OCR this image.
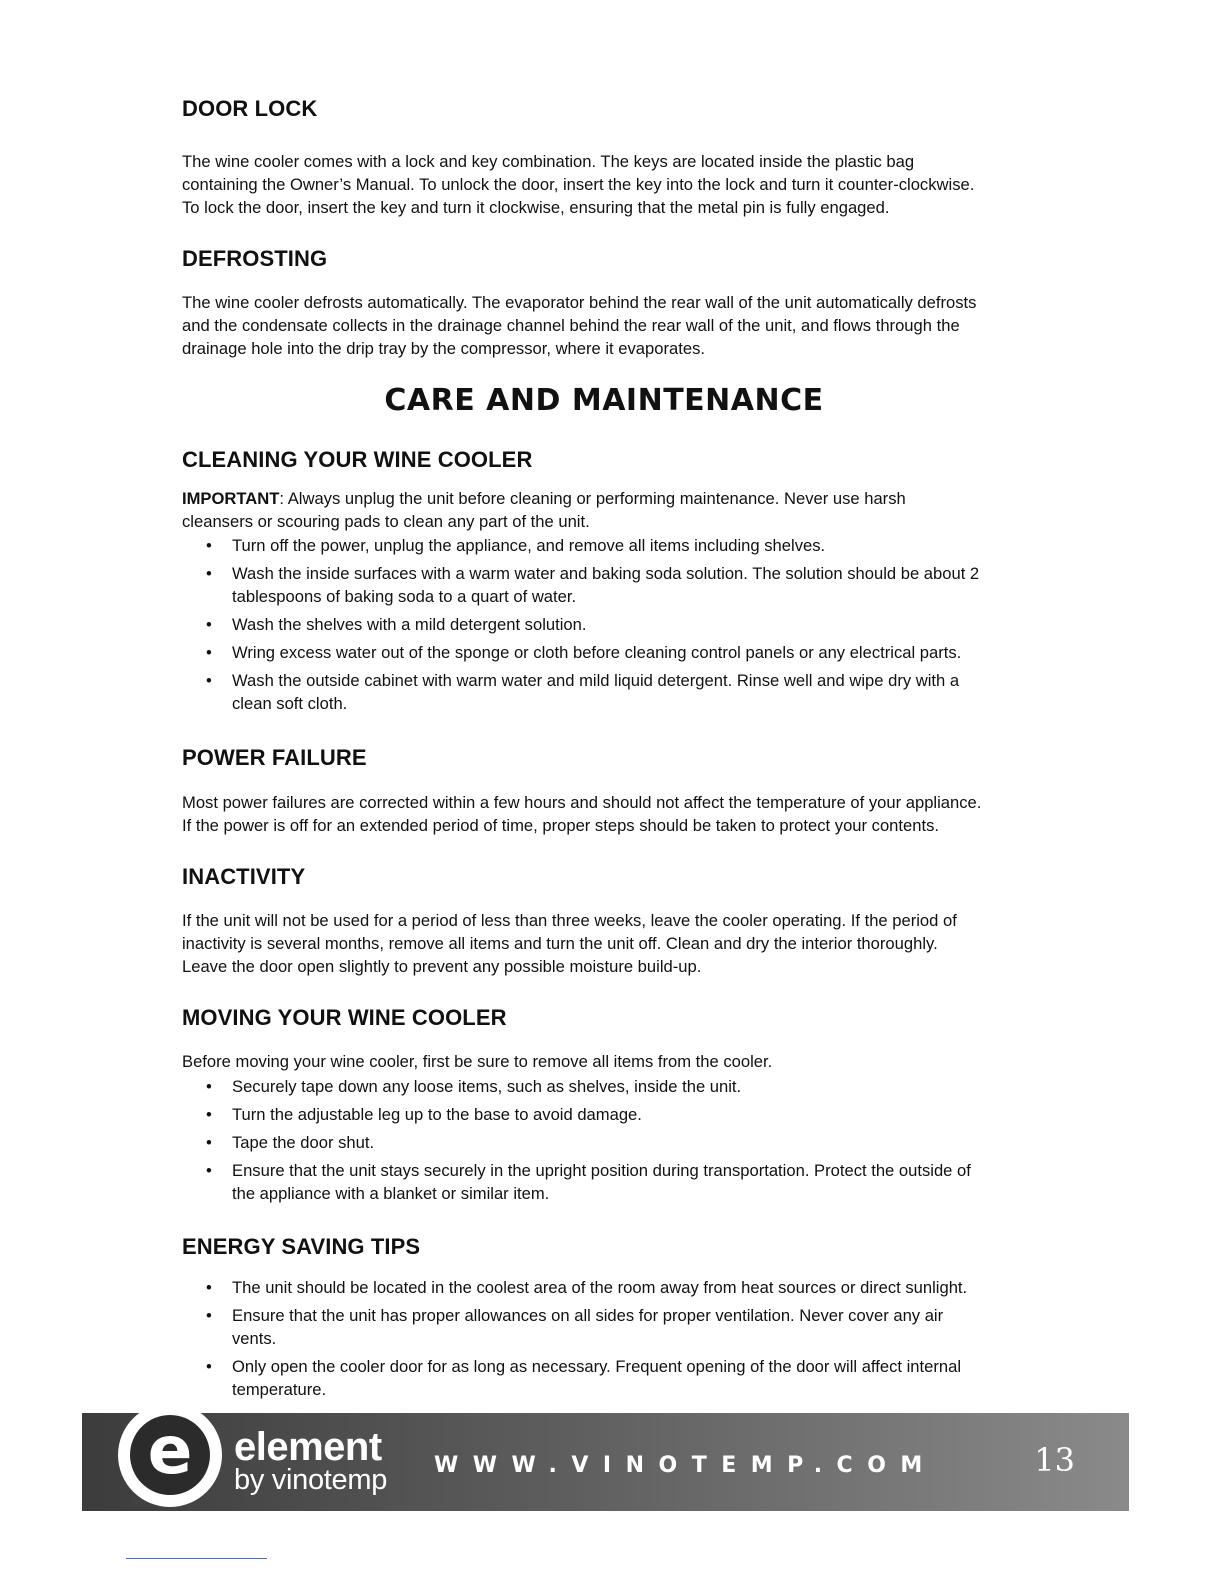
DOOR LOCK

The wine cooler comes with a lock and key combination. The keys are located inside the plastic bag
containing the Owner’s Manual. To unlock the door, insert the key into the lock and turn it counter-clockwise.
To lock the door, insert the key and turn it clockwise, ensuring that the metal pin is fully engaged.

DEFROSTING

The wine cooler defrosts automatically. The evaporator behind the rear wall of the unit automatically defrosts
and the condensate collects in the drainage channel behind the rear wall of the unit, and flows through the
drainage hole into the drip tray by the compressor, where it evaporates.

CARE AND MAINTENANCE
CLEANING YOUR WINE COOLER

IMPORTANT: Always unplug the unit before cleaning or performing maintenance. Never use harsh
cleansers or scouring pads to clean any part of the unit.

• Turn off the power, unplug the appliance, and remove all items including shelves.
• Wash the inside surfaces with a warm water and baking soda solution. The solution should be about 2
tablespoons of baking soda to a quart of water.
• Wash the shelves with a mild detergent solution.
• Wring excess water out of the sponge or cloth before cleaning control panels or any electrical parts.
• Wash the outside cabinet with warm water and mild liquid detergent. Rinse well and wipe dry with a
clean soft cloth.
POWER FAILURE

Most power failures are corrected within a few hours and should not affect the temperature of your appliance.
If the power is off for an extended period of time, proper steps should be taken to protect your contents.

INACTIVITY

If the unit will not be used for a period of less than three weeks, leave the cooler operating. If the period of
inactivity is several months, remove all items and turn the unit off. Clean and dry the interior thoroughly.
Leave the door open slightly to prevent any possible moisture build-up.

MOVING YOUR WINE COOLER

Before moving your wine cooler, first be sure to remove all items from the cooler.

• Securely tape down any loose items, such as shelves, inside the unit.
• Turn the adjustable leg up to the base to avoid damage.
• Tape the door shut.
• Ensure that the unit stays securely in the upright position during transportation. Protect the outside of
the appliance with a blanket or similar item.
ENERGY SAVING TIPS
• The unit should be located in the coolest area of the room away from heat sources or direct sunlight.
• Ensure that the unit has proper allowances on all sides for proper ventilation. Never cover any air
vents.
• Only open the cooler door for as long as necessary. Frequent opening of the door will affect internal
temperature.
e element
by vinotemp WWW.VINOTEMP.COM	13
